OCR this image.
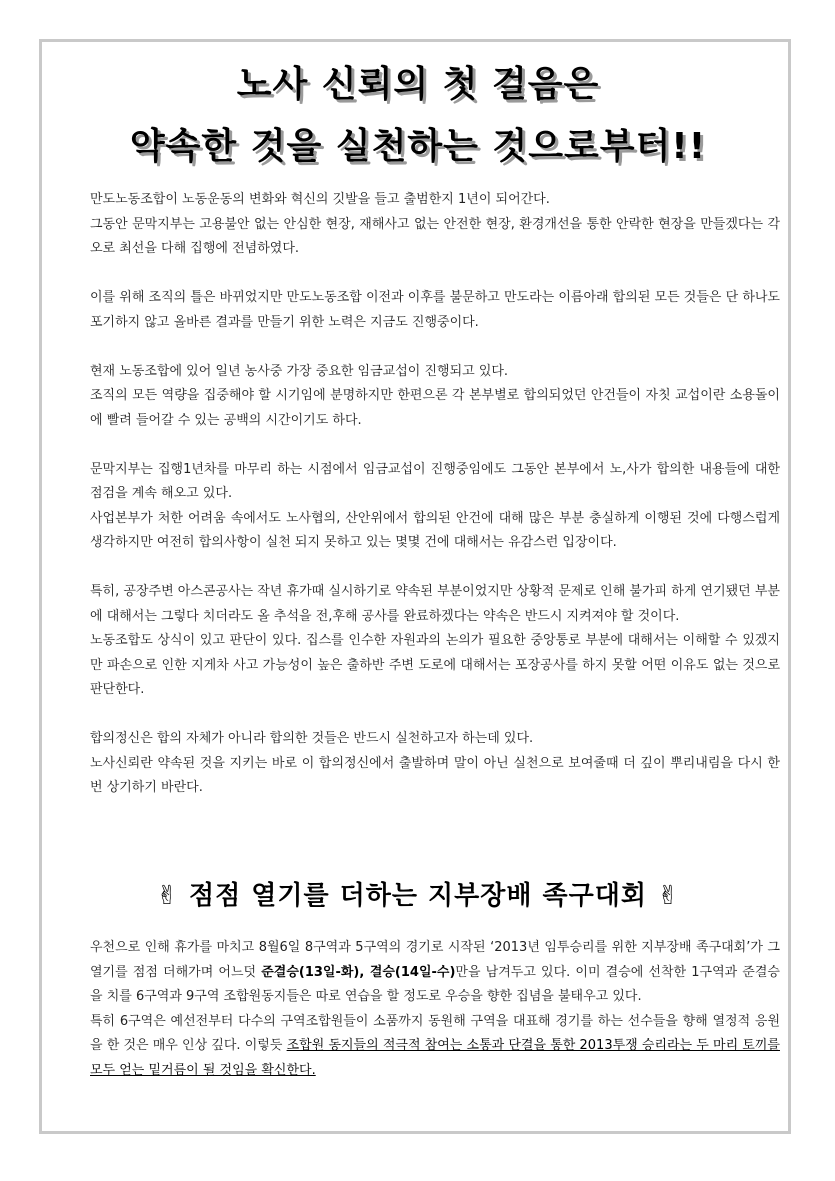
노사 신뢰의 첫 걸음은
약속한 것을 실천하는 것으로부터!!

만도노동조합이 노동운동의 변화와 혁신의 깃발을 들고 출범한지 1년이 되어간다.

그동안 문막지부는 고용불안 없는 안심한 현장, 재해사고 없는 안전한 현장, 환경개선을 통한 안락한 현장을 만들겠다는 각오로 최선을 다해 집행에 전념하였다.

이를 위해 조직의 틀은 바뀌었지만 만도노동조합 이전과 이후를 불문하고 만도라는 이름아래 합의된 모든 것들은 단 하나도 포기하지 않고 올바른 결과를 만들기 위한 노력은 지금도 진행중이다.

현재 노동조합에 있어 일년 농사중 가장 중요한 임금교섭이 진행되고 있다.

조직의 모든 역량을 집중해야 할 시기임에 분명하지만 한편으론 각 본부별로 합의되었던 안건들이 자칫 교섭이란 소용돌이에 빨려 들어갈 수 있는 공백의 시간이기도 하다.

문막지부는 집행1년차를 마무리 하는 시점에서 임금교섭이 진행중임에도 그동안 본부에서 노,사가 합의한 내용들에 대한 점검을 계속 해오고 있다.

사업본부가 처한 어려움 속에서도 노사협의, 산안위에서 합의된 안건에 대해 많은 부분 충실하게 이행된 것에 다행스럽게 생각하지만 여전히 합의사항이 실천 되지 못하고 있는 몇몇 건에 대해서는 유감스런 입장이다.

특히, 공장주변 아스콘공사는 작년 휴가때 실시하기로 약속된 부분이었지만 상황적 문제로 인해 불가피 하게 연기됐던 부분에 대해서는 그렇다 치더라도 올 추석을 전,후해 공사를 완료하겠다는 약속은 반드시 지켜져야 할 것이다.

노동조합도 상식이 있고 판단이 있다. 집스를 인수한 자원과의 논의가 필요한 중앙통로 부분에 대해서는 이해할 수 있겠지만 파손으로 인한 지게차 사고 가능성이 높은 출하반 주변 도로에 대해서는 포장공사를 하지 못할 어떤 이유도 없는 것으로 판단한다.

합의정신은 합의 자체가 아니라 합의한 것들은 반드시 실천하고자 하는데 있다.

노사신뢰란 약속된 것을 지키는 바로 이 합의정신에서 출발하며 말이 아닌 실천으로 보여줄때 더 깊이 뿌리내림을 다시 한번 상기하기 바란다.

✌ 점점 열기를 더하는 지부장배 족구대회 ✌

우천으로 인해 휴가를 마치고 8월6일 8구역과 5구역의 경기로 시작된 ‘2013년 임투승리를 위한 지부장배 족구대회’가 그 열기를 점점 더해가며 어느덧 준결승(13일-화), 결승(14일-수)만을 남겨두고 있다. 이미 결승에 선착한 1구역과 준결승을 치를 6구역과 9구역 조합원동지들은 따로 연습을 할 정도로 우승을 향한 집념을 불태우고 있다.

특히 6구역은 예선전부터 다수의 구역조합원들이 소품까지 동원해 구역을 대표해 경기를 하는 선수들을 향해 열정적 응원을 한 것은 매우 인상 깊다. 이렇듯 조합원 동지들의 적극적 참여는 소통과 단결을 통한 2013투쟁 승리라는 두 마리 토끼를 모두 얻는 밑거름이 될 것임을 확신한다.
